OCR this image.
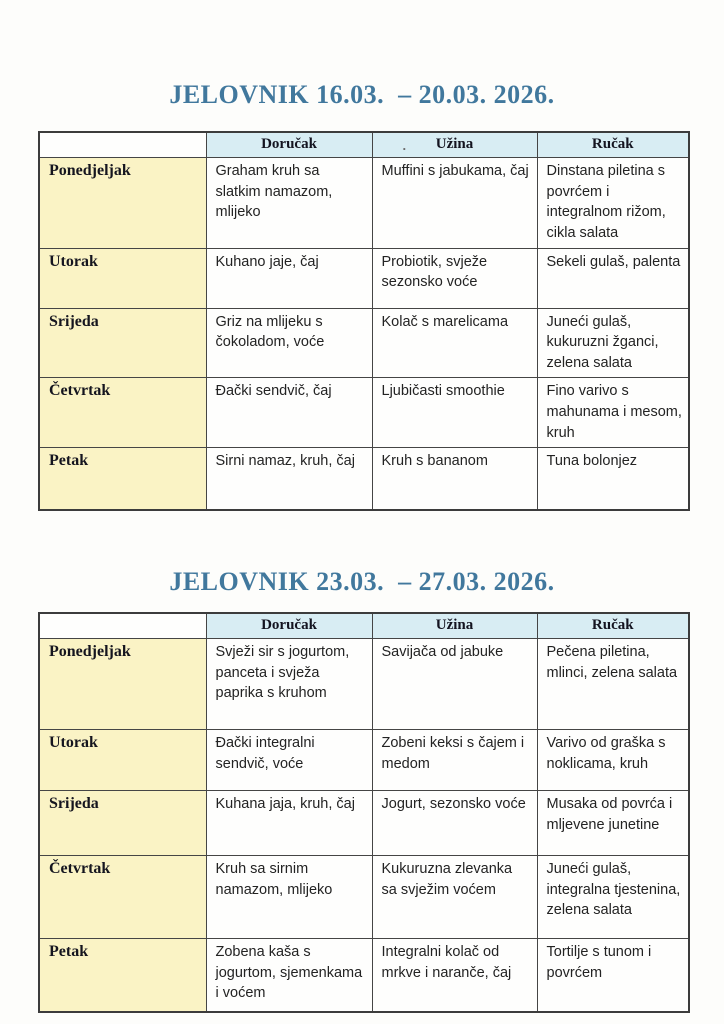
JELOVNIK 16.03.  – 20.03. 2026.
	Doručak	. Užina	Ručak
Ponedjeljak	Graham kruh sa slatkim namazom, mlijeko	Muffini s jabukama, čaj	Dinstana piletina s povrćem i integralnom rižom, cikla salata
Utorak	Kuhano jaje, čaj	Probiotik, svježe sezonsko voće	Sekeli gulaš, palenta
Srijeda	Griz na mlijeku s čokoladom, voće	Kolač s marelicama	Juneći gulaš, kukuruzni žganci, zelena salata
Četvrtak	Đački sendvič, čaj	Ljubičasti smoothie	Fino varivo s mahunama i mesom, kruh
Petak	Sirni namaz, kruh, čaj	Kruh s bananom	Tuna bolonjez
JELOVNIK 23.03.  – 27.03. 2026.
	Doručak	Užina	Ručak
Ponedjeljak	Svježi sir s jogurtom, panceta i svježa paprika s kruhom	Savijača od jabuke	Pečena piletina, mlinci, zelena salata
Utorak	Đački integralni sendvič, voće	Zobeni keksi s čajem i medom	Varivo od graška s noklicama, kruh
Srijeda	Kuhana jaja, kruh, čaj	Jogurt, sezonsko voće	Musaka od povrća i mljevene junetine
Četvrtak	Kruh sa sirnim namazom, mlijeko	Kukuruzna zlevanka sa svježim voćem	Juneći gulaš, integralna tjestenina, zelena salata
Petak	Zobena kaša s jogurtom, sjemenkama i voćem	Integralni kolač od mrkve i naranče, čaj	Tortilje s tunom i povrćem
